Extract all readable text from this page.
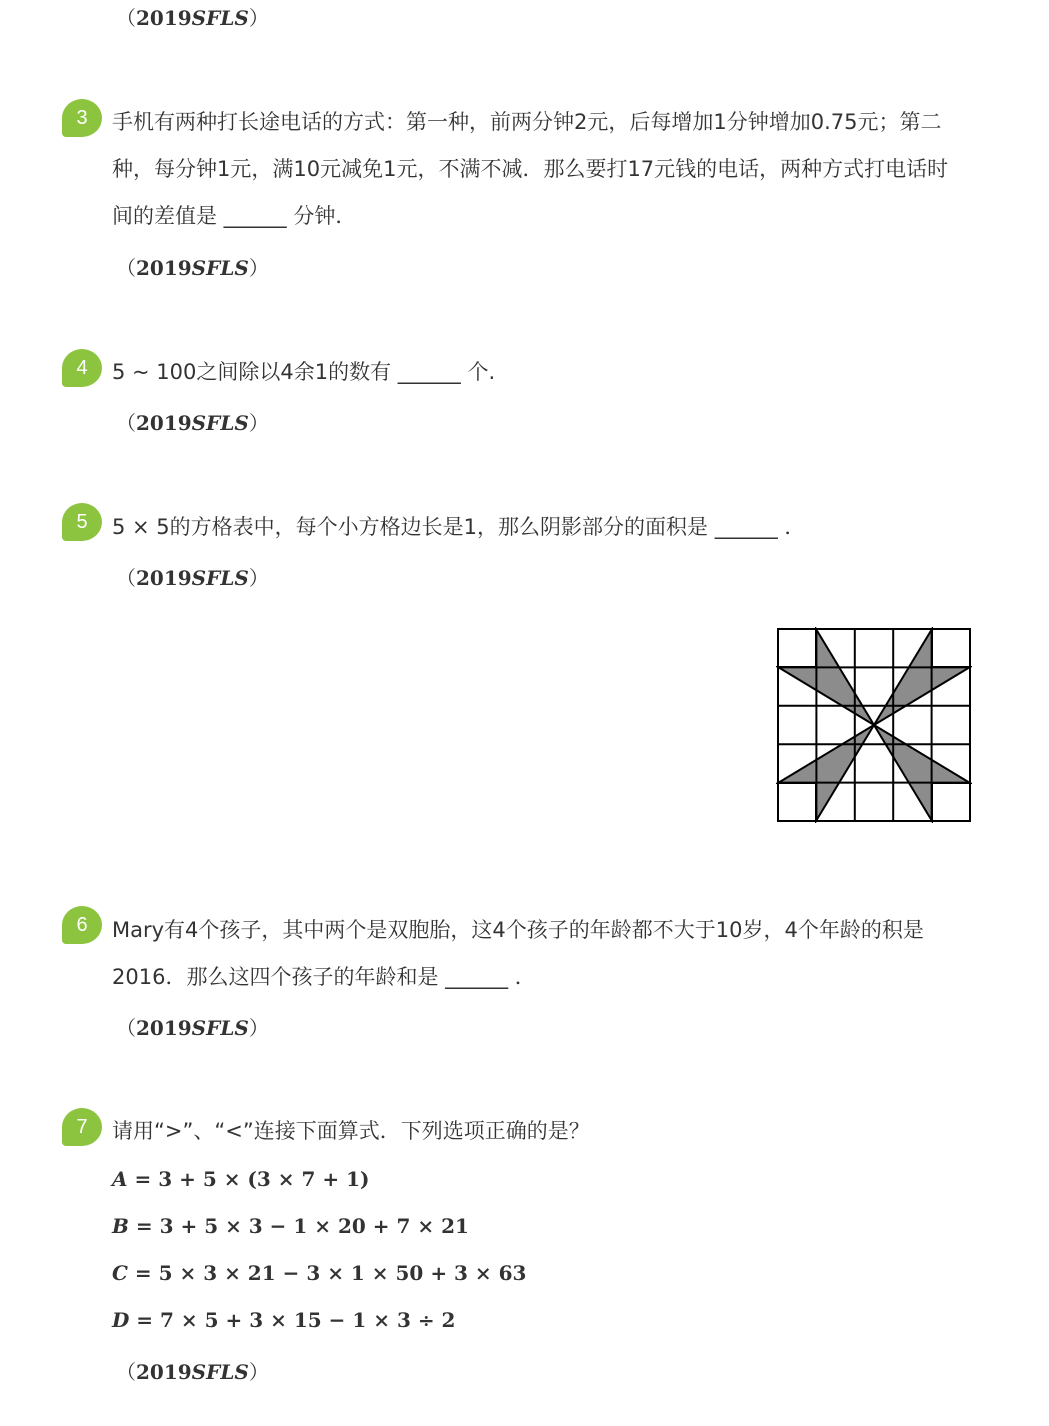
（2019SFLS）
3 手机有两种打长途电话的方式：第一种，前两分钟2元，后每增加1分钟增加0.75元；第二
种，每分钟1元，满10元减免1元，不满不减．那么要打17元钱的电话，两种方式打电话时
间的差值是 ______ 分钟．
（2019SFLS）
4 5 ~ 100之间除以4余1的数有 ______ 个.
（2019SFLS）
5 5 × 5的方格表中，每个小方格边长是1，那么阴影部分的面积是 ______ ．
（2019SFLS）
6 Mary有4个孩子，其中两个是双胞胎，这4个孩子的年龄都不大于10岁，4个年龄的积是
2016．那么这四个孩子的年龄和是 ______ ．
（2019SFLS）
7 请用“>”、“<”连接下面算式．下列选项正确的是？
A = 3 + 5 × (3 × 7 + 1)
B = 3 + 5 × 3 − 1 × 20 + 7 × 21
C = 5 × 3 × 21 − 3 × 1 × 50 + 3 × 63
D = 7 × 5 + 3 × 15 − 1 × 3 ÷ 2
（2019SFLS）
